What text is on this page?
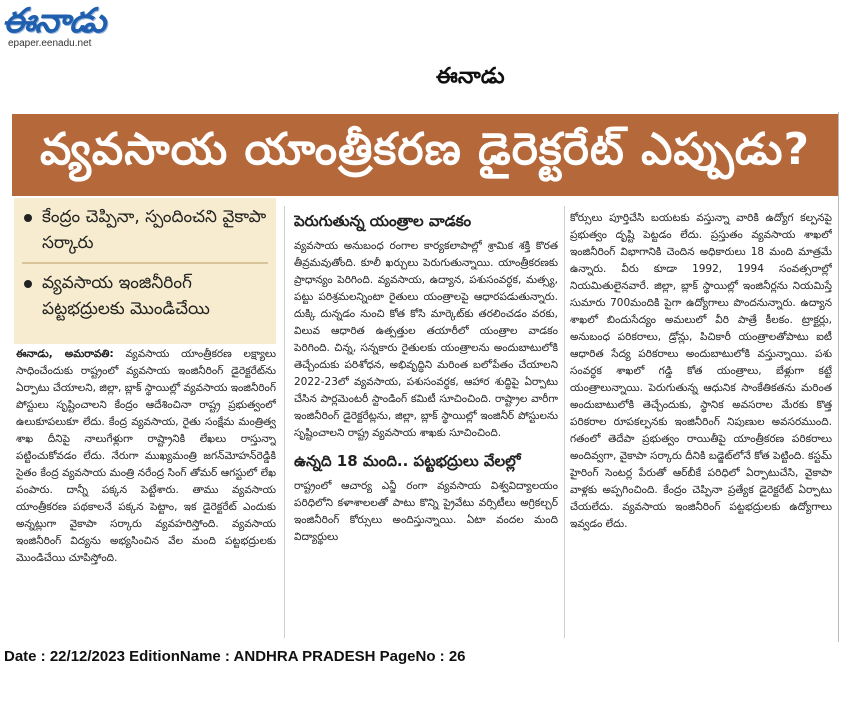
ఈనాడు
epaper.eenadu.net
ఈనాడు
వ్యవసాయ యాంత్రీకరణ డైరెక్టరేట్ ఎప్పుడు?
కేంద్రం చెప్పినా, స్పందించని వైకాపా సర్కారు
వ్యవసాయ ఇంజినీరింగ్ పట్టభద్రులకు మొండిచేయి
ఈనాడు, అమరావతి: వ్యవసాయ యాంత్రీకరణ లక్ష్యాలు సాధించేందుకు రాష్ట్రంలో వ్యవసాయ ఇంజినీరింగ్ డైరెక్టరేట్‌ను ఏర్పాటు చేయాలని, జిల్లా, బ్లాక్ స్థాయిల్లో వ్యవసాయ ఇంజినీరింగ్ పోస్టులు సృష్టించాలని కేంద్రం ఆదేశించినా రాష్ట్ర ప్రభుత్వంలో ఉలుకూపలుకూ లేదు. కేంద్ర వ్యవసాయ, రైతు సంక్షేమ మంత్రిత్వ శాఖ దీనిపై నాలుగేళ్లుగా రాష్ట్రానికి లేఖలు రాస్తున్నా పట్టించుకోవడం లేదు. నేరుగా ముఖ్యమంత్రి జగన్‌మోహన్‌రెడ్డికి సైతం కేంద్ర వ్యవసాయ మంత్రి నరేంద్ర సింగ్ తోమర్ ఆగస్టులో లేఖ పంపారు. దాన్నీ పక్కన పెట్టేశారు. తాము వ్యవసాయ యాంత్రీకరణ పథకాలనే పక్కన పెట్టాం, ఇక డైరెక్టరేట్ ఎందుకు అన్నట్లుగా వైకాపా సర్కారు వ్యవహరిస్తోంది. వ్యవసాయ ఇంజినీరింగ్ విద్యను అభ్యసించిన వేల మంది పట్టభద్రులకు మొండిచేయి చూపిస్తోంది.
పెరుగుతున్న యంత్రాల వాడకం
వ్యవసాయ అనుబంధ రంగాల కార్యకలాపాల్లో శ్రామిక శక్తి కొరత తీవ్రమవుతోంది. కూలీ ఖర్చులు పెరుగుతున్నాయి. యాంత్రీకరణకు ప్రాధాన్యం పెరిగింది. వ్యవసాయ, ఉద్యాన, పశుసంవర్ధక, మత్స్య, పట్టు పరిశ్రమలన్నింటా రైతులు యంత్రాలపై ఆధారపడుతున్నారు. దుక్కి దున్నడం నుంచి కోత కోసి మార్కెట్‌కు తరలించడం వరకు, విలువ ఆధారిత ఉత్పత్తుల తయారీలో యంత్రాల వాడకం పెరిగింది. చిన్న, సన్నకారు రైతులకు యంత్రాలను అందుబాటులోకి తెచ్చేందుకు పరిశోధన, అభివృద్ధిని మరింత బలోపేతం చేయాలని 2022-23లో వ్యవసాయ, పశుసంవర్ధక, ఆహార శుద్ధిపై ఏర్పాటు చేసిన పార్లమెంటరీ స్టాండింగ్ కమిటీ సూచించింది. రాష్ట్రాల వారీగా ఇంజినీరింగ్ డైరెక్టరేట్లను, జిల్లా, బ్లాక్ స్థాయిల్లో ఇంజినీర్ పోస్టులను సృష్టించాలని రాష్ట్ర వ్యవసాయ శాఖకు సూచించింది.
ఉన్నది 18 మంది.. పట్టభద్రులు వేలల్లో
రాష్ట్రంలో ఆచార్య ఎన్జీ రంగా వ్యవసాయ విశ్వవిద్యాలయం పరిధిలోని కళాశాలలతో పాటు కొన్ని ప్రైవేటు వర్సిటీలు అగ్రికల్చర్ ఇంజినీరింగ్ కోర్సులు అందిస్తున్నాయి. ఏటా వందల మంది విద్యార్థులు
కోర్సులు పూర్తిచేసి బయటకు వస్తున్నా వారికి ఉద్యోగ కల్పనపై ప్రభుత్వం దృష్టి పెట్టడం లేదు. ప్రస్తుతం వ్యవసాయ శాఖలో ఇంజినీరింగ్ విభాగానికి చెందిన అధికారులు 18 మంది మాత్రమే ఉన్నారు. వీరు కూడా 1992, 1994 సంవత్సరాల్లో నియమితులైనవారే. జిల్లా, బ్లాక్ స్థాయిల్లో ఇంజినీర్లను నియమిస్తే సుమారు 700మందికి పైగా ఉద్యోగాలు పొందనున్నారు. ఉద్యాన శాఖలో బిందుసేద్యం అమలులో వీరి పాత్రే కీలకం. ట్రాక్టర్లు, అనుబంధ పరికరాలు, డ్రోన్లు, పిచికారీ యంత్రాలతోపాటు ఐటీ ఆధారిత సేద్య పరికరాలు అందుబాటులోకి వస్తున్నాయి. పశు సంవర్ధక శాఖలో గడ్డి కోత యంత్రాలు, బేళ్లుగా కట్టే యంత్రాలున్నాయి. పెరుగుతున్న ఆధునిక సాంకేతికతను మరింత అందుబాటులోకి తెచ్చేందుకు, స్థానిక అవసరాల మేరకు కొత్త పరికరాల రూపకల్పనకు ఇంజినీరింగ్ నిపుణుల అవసరముంది. గతంలో తెదేపా ప్రభుత్వం రాయితీపై యాంత్రీకరణ పరికరాలు అందివ్వగా, వైకాపా సర్కారు దీనికి బడ్జెట్‌లోనే కోత పెట్టింది. కస్టమ్ హైరింగ్ సెంటర్ల పేరుతో ఆర్‌బీకే పరిధిలో ఏర్పాటుచేసి, వైకాపా వాళ్లకు అప్పగించింది. కేంద్రం చెప్పినా ప్రత్యేక డైరెక్టరేట్ ఏర్పాటు చేయలేదు. వ్యవసాయ ఇంజినీరింగ్ పట్టభద్రులకు ఉద్యోగాలు ఇవ్వడం లేదు.
Date : 22/12/2023 EditionName : ANDHRA PRADESH PageNo : 26
